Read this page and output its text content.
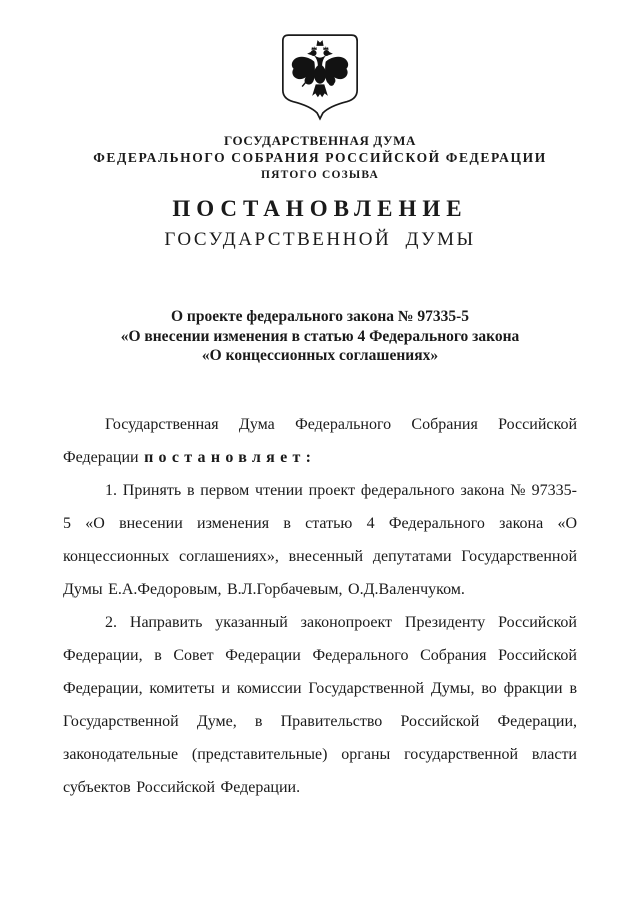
ГОСУДАРСТВЕННАЯ ДУМА
ФЕДЕРАЛЬНОГО СОБРАНИЯ РОССИЙСКОЙ ФЕДЕРАЦИИ
ПЯТОГО СОЗЫВА
ПОСТАНОВЛЕНИЕ
ГОСУДАРСТВЕННОЙ ДУМЫ
О проекте федерального закона № 97335-5
«О внесении изменения в статью 4 Федерального закона
«О концессионных соглашениях»

Государственная Дума Федерального Собрания Российской Федерации постановляет:

1. Принять в первом чтении проект федерального закона № 97335-5 «О внесении изменения в статью 4 Федерального закона «О концессионных соглашениях», внесенный депутатами Государственной Думы Е.А.Федоровым, В.Л.Горбачевым, О.Д.Валенчуком.

2. Направить указанный законопроект Президенту Российской Федерации, в Совет Федерации Федерального Собрания Российской Федерации, комитеты и комиссии Государственной Думы, во фракции в Государственной Думе, в Правительство Российской Федерации, законодательные (представительные) органы государственной власти субъектов Российской Федерации.
